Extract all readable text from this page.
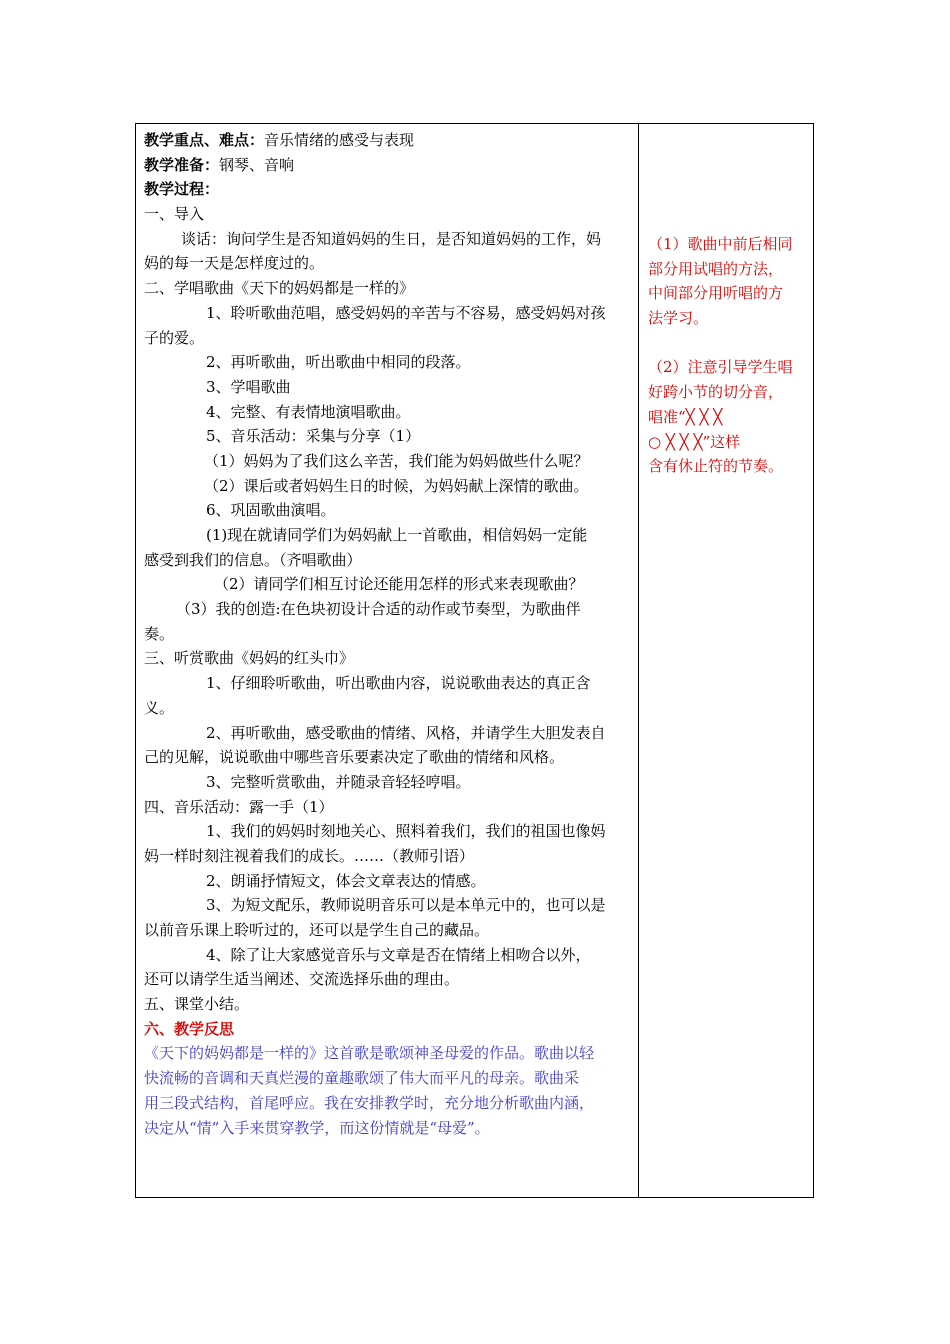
教学重点、难点：音乐情绪的感受与表现
教学准备：钢琴、音响
教学过程：
一、导入
谈话：询问学生是否知道妈妈的生日，是否知道妈妈的工作，妈
妈的每一天是怎样度过的。
二、学唱歌曲《天下的妈妈都是一样的》
1、聆听歌曲范唱，感受妈妈的辛苦与不容易，感受妈妈对孩
子的爱。
2、再听歌曲，听出歌曲中相同的段落。
3、学唱歌曲
4、完整、有表情地演唱歌曲。
5、音乐活动：采集与分享（1）
（1）妈妈为了我们这么辛苦，我们能为妈妈做些什么呢？
（2）课后或者妈妈生日的时候，为妈妈献上深情的歌曲。
6、巩固歌曲演唱。
(1)现在就请同学们为妈妈献上一首歌曲，相信妈妈一定能
感受到我们的信息。（齐唱歌曲）
（2）请同学们相互讨论还能用怎样的形式来表现歌曲？
（3）我的创造:在色块初设计合适的动作或节奏型，为歌曲伴
奏。
三、听赏歌曲《妈妈的红头巾》
1、仔细聆听歌曲，听出歌曲内容，说说歌曲表达的真正含
义。
2、再听歌曲，感受歌曲的情绪、风格，并请学生大胆发表自
己的见解，说说歌曲中哪些音乐要素决定了歌曲的情绪和风格。
3、完整听赏歌曲，并随录音轻轻哼唱。
四、音乐活动：露一手（1）
1、我们的妈妈时刻地关心、照料着我们，我们的祖国也像妈
妈一样时刻注视着我们的成长。……（教师引语）
2、朗诵抒情短文，体会文章表达的情感。
3、为短文配乐，教师说明音乐可以是本单元中的，也可以是
以前音乐课上聆听过的，还可以是学生自己的藏品。
4、除了让大家感觉音乐与文章是否在情绪上相吻合以外，
还可以请学生适当阐述、交流选择乐曲的理由。
五、课堂小结。
六、教学反思
《天下的妈妈都是一样的》这首歌是歌颂神圣母爱的作品。歌曲以轻
快流畅的音调和天真烂漫的童趣歌颂了伟大而平凡的母亲。歌曲采
用三段式结构，首尾呼应。我在安排教学时，充分地分析歌曲内涵，
决定从“情”入手来贯穿教学，而这份情就是“母爱”。
（1）歌曲中前后相同
部分用试唱的方法，
中间部分用听唱的方
法学习。
（2）注意引导学生唱
好跨小节的切分音，
唱准“╳ ╳ ╳
○ ╳ ╳ ╳”这样
含有休止符的节奏。
